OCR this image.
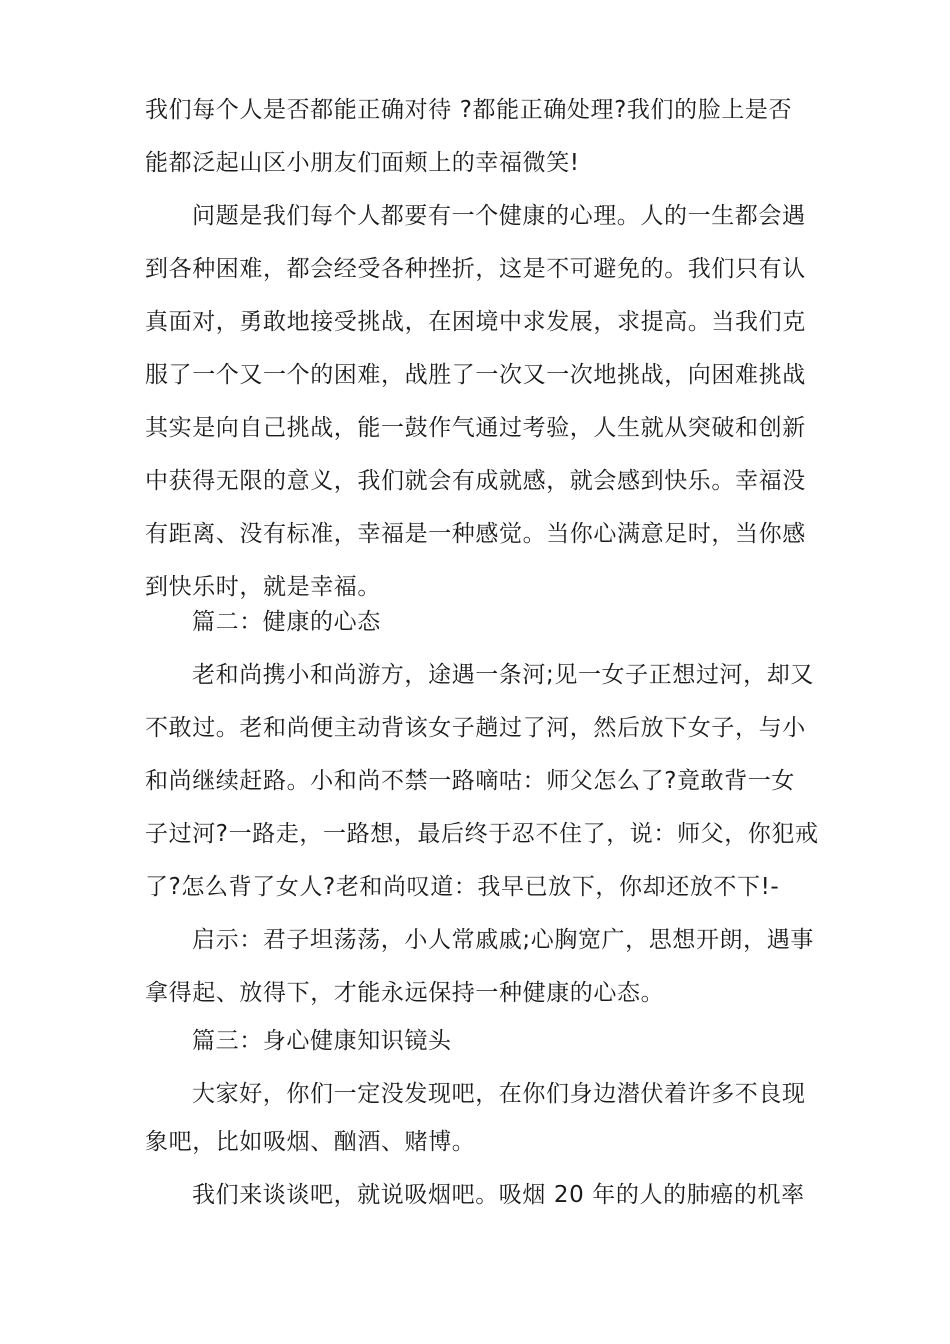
我们每个人是否都能正确对待 ?都能正确处理?我们的脸上是否
能都泛起山区小朋友们面颊上的幸福微笑!
问题是我们每个人都要有一个健康的心理。人的一生都会遇
到各种困难，都会经受各种挫折，这是不可避免的。我们只有认
真面对，勇敢地接受挑战，在困境中求发展，求提高。当我们克
服了一个又一个的困难，战胜了一次又一次地挑战，向困难挑战
其实是向自己挑战，能一鼓作气通过考验，人生就从突破和创新
中获得无限的意义，我们就会有成就感，就会感到快乐。幸福没
有距离、没有标准，幸福是一种感觉。当你心满意足时，当你感
到快乐时，就是幸福。
篇二：健康的心态
老和尚携小和尚游方，途遇一条河;见一女子正想过河，却又
不敢过。老和尚便主动背该女子趟过了河，然后放下女子，与小
和尚继续赶路。小和尚不禁一路嘀咕：师父怎么了?竟敢背一女
子过河?一路走，一路想，最后终于忍不住了，说：师父，你犯戒
了?怎么背了女人?老和尚叹道：我早已放下，你却还放不下!-
启示：君子坦荡荡，小人常戚戚;心胸宽广，思想开朗，遇事
拿得起、放得下，才能永远保持一种健康的心态。
篇三：身心健康知识镜头
大家好，你们一定没发现吧，在你们身边潜伏着许多不良现
象吧，比如吸烟、酗酒、赌博。
我们来谈谈吧，就说吸烟吧。吸烟 20 年的人的肺癌的机率
